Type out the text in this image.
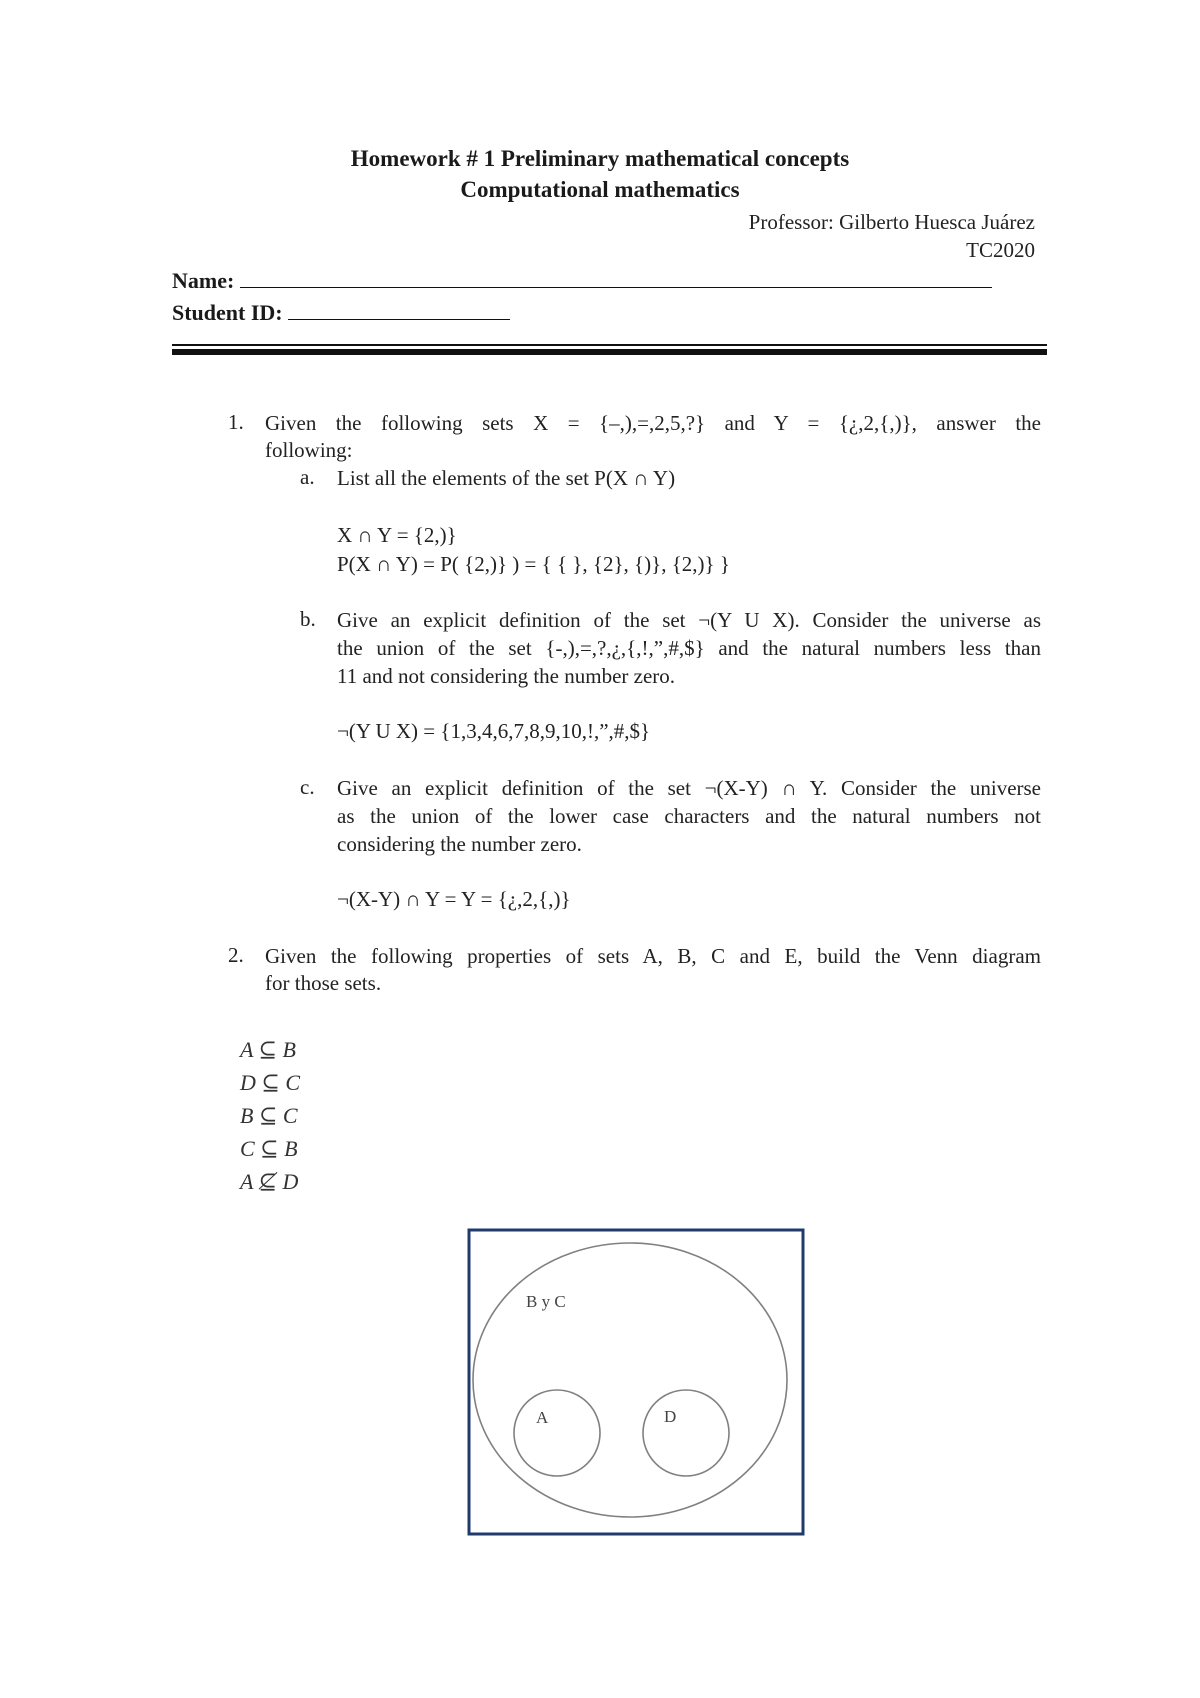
Homework # 1 Preliminary mathematical concepts
Computational mathematics
Professor: Gilberto Huesca Juárez
TC2020
Name:
Student ID:
1. Given the following sets X = {–,),=,2,5,?} and Y = {¿,2,{,)}, answer the
following:
a. List all the elements of the set P(X ∩ Y)
X ∩ Y = {2,)}
P(X ∩ Y) = P( {2,)} ) = { { }, {2}, {)}, {2,)} }
b. Give an explicit definition of the set ¬(Y U X). Consider the universe as
the union of the set {-,),=,?,¿,{,!,”,#,$} and the natural numbers less than
11 and not considering the number zero.
¬(Y U X) = {1,3,4,6,7,8,9,10,!,”,#,$}
c. Give an explicit definition of the set ¬(X-Y) ∩ Y. Consider the universe
as the union of the lower case characters and the natural numbers not
considering the number zero.
¬(X-Y) ∩ Y = Y = {¿,2,{,)}
2. Given the following properties of sets A, B, C and E, build the Venn diagram
for those sets.
A ⊆ B
D ⊆ C
B ⊆ C
C ⊆ B
A ⊈ D
B y C
A	D
